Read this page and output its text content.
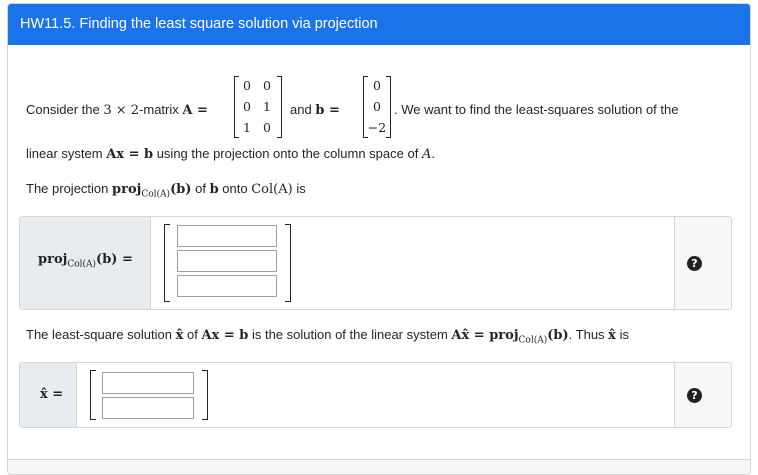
HW11.5. Finding the least square solution via projection
Consider the 3 × 2-matrix A =
0 0
0 1
1 0
and b =
0
0
−2
. We want to find the least-squares solution of the
linear system Ax = b using the projection onto the column space of A.
The projection proj$_{Col(A)}$(b) of b onto Col(A) is
proj$_{Col(A)}$(b) =	?
The least-square solution x̂ of Ax = b is the solution of the linear system Ax̂ = proj$_{Col(A)}$(b). Thus x̂ is
x̂ =	?
